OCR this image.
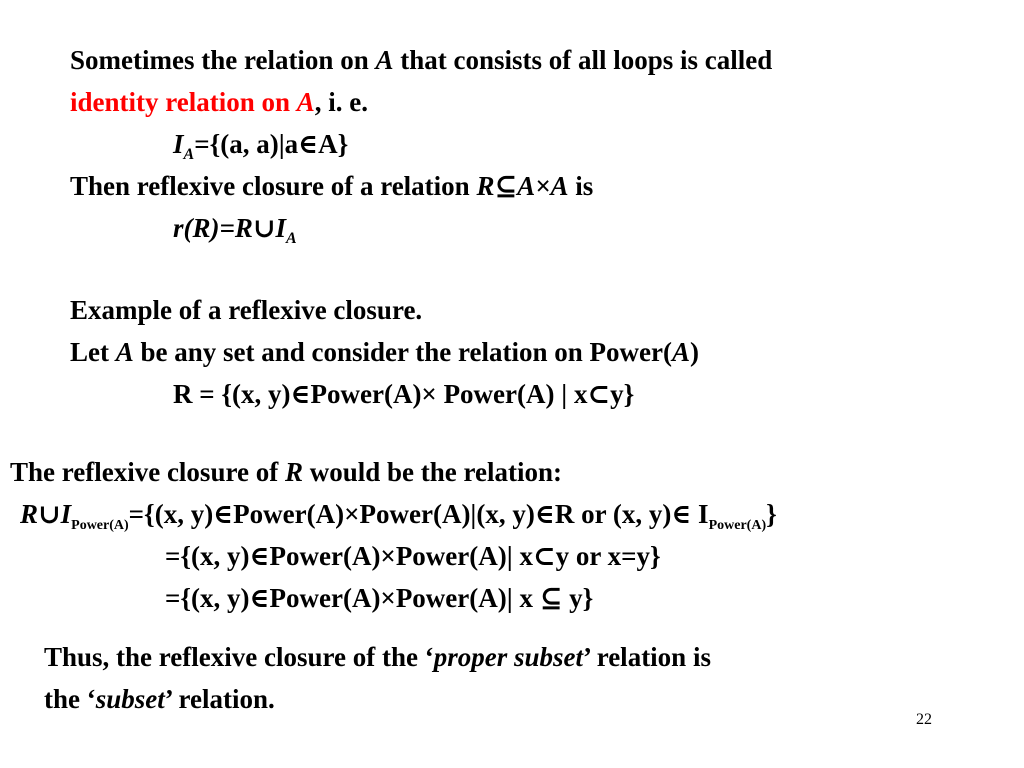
Sometimes the relation on A that consists of all loops is called

identity relation on A, i. e.

$I_A=\{(a$, a)|a∈A}

Then reflexive closure of a relation R⊆A×A is

$r(R)=R\cup I_A$

Example of a reflexive closure.

Let A be any set and consider the relation on Power(A)

R = {(x, y)∈Power(A)× Power(A) | x⊂y}

The reflexive closure of R would be the relation:

$R\cup I_{Power(A)}=\{(x$, y)∈Power(A)×Power(A)|(x, y)∈R or (x, y)∈ $I_{Power(A)}$}

={(x, y)∈Power(A)×Power(A)| x⊂y or x=y}

={(x, y)∈Power(A)×Power(A)| x ⊆ y}

Thus, the reflexive closure of the ‘proper subset’ relation is

the ‘subset’ relation.

22
